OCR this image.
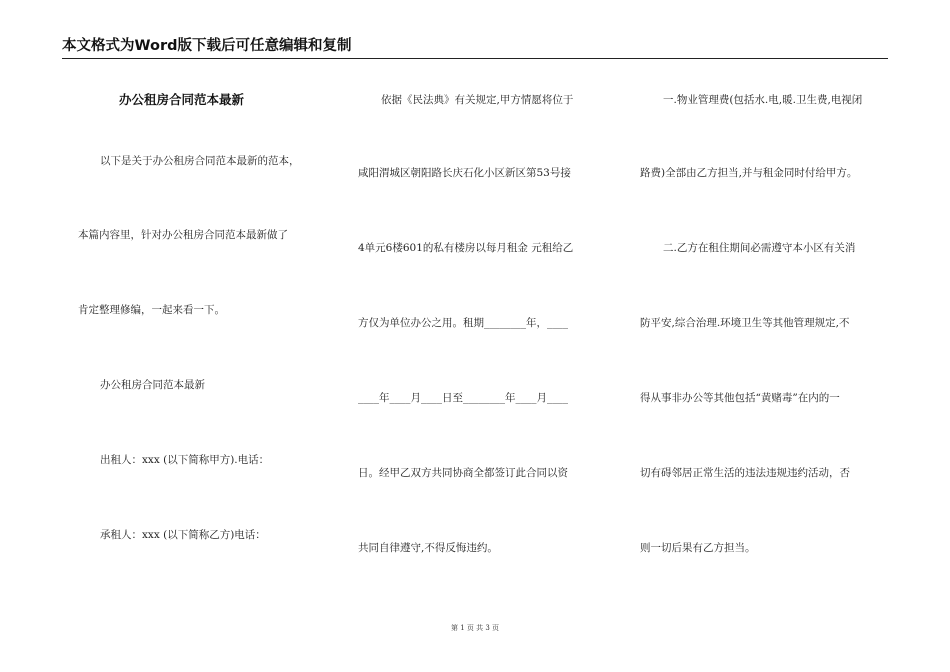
本文格式为Word版下载后可任意编辑和复制
办公租房合同范本最新
以下是关于办公租房合同范本最新的范本，
本篇内容里，针对办公租房合同范本最新做了
肯定整理修编，一起来看一下。
办公租房合同范本最新
出租人：xxx (以下简称甲方).电话：
承租人：xxx (以下简称乙方)电话：
依据《民法典》有关规定,甲方情愿将位于
咸阳渭城区朝阳路长庆石化小区新区第53号接
4单元6楼601的私有楼房以每月租金 元租给乙
方仅为单位办公之用。租期________年，____
____年____月____日至________年____月____
日。经甲乙双方共同协商全都签订此合同以资
共同自律遵守,不得反悔违约。
一.物业管理费(包括水.电,暖.卫生费,电视闭
路费)全部由乙方担当,并与租金同时付给甲方。
二.乙方在租住期间必需遵守本小区有关消
防平安,综合治理.环境卫生等其他管理规定,不
得从事非办公等其他包括“黄赌毒”在内的一
切有碍邻居正常生活的违法违规违约活动，否
则一切后果有乙方担当。
第 1 页 共 3 页
